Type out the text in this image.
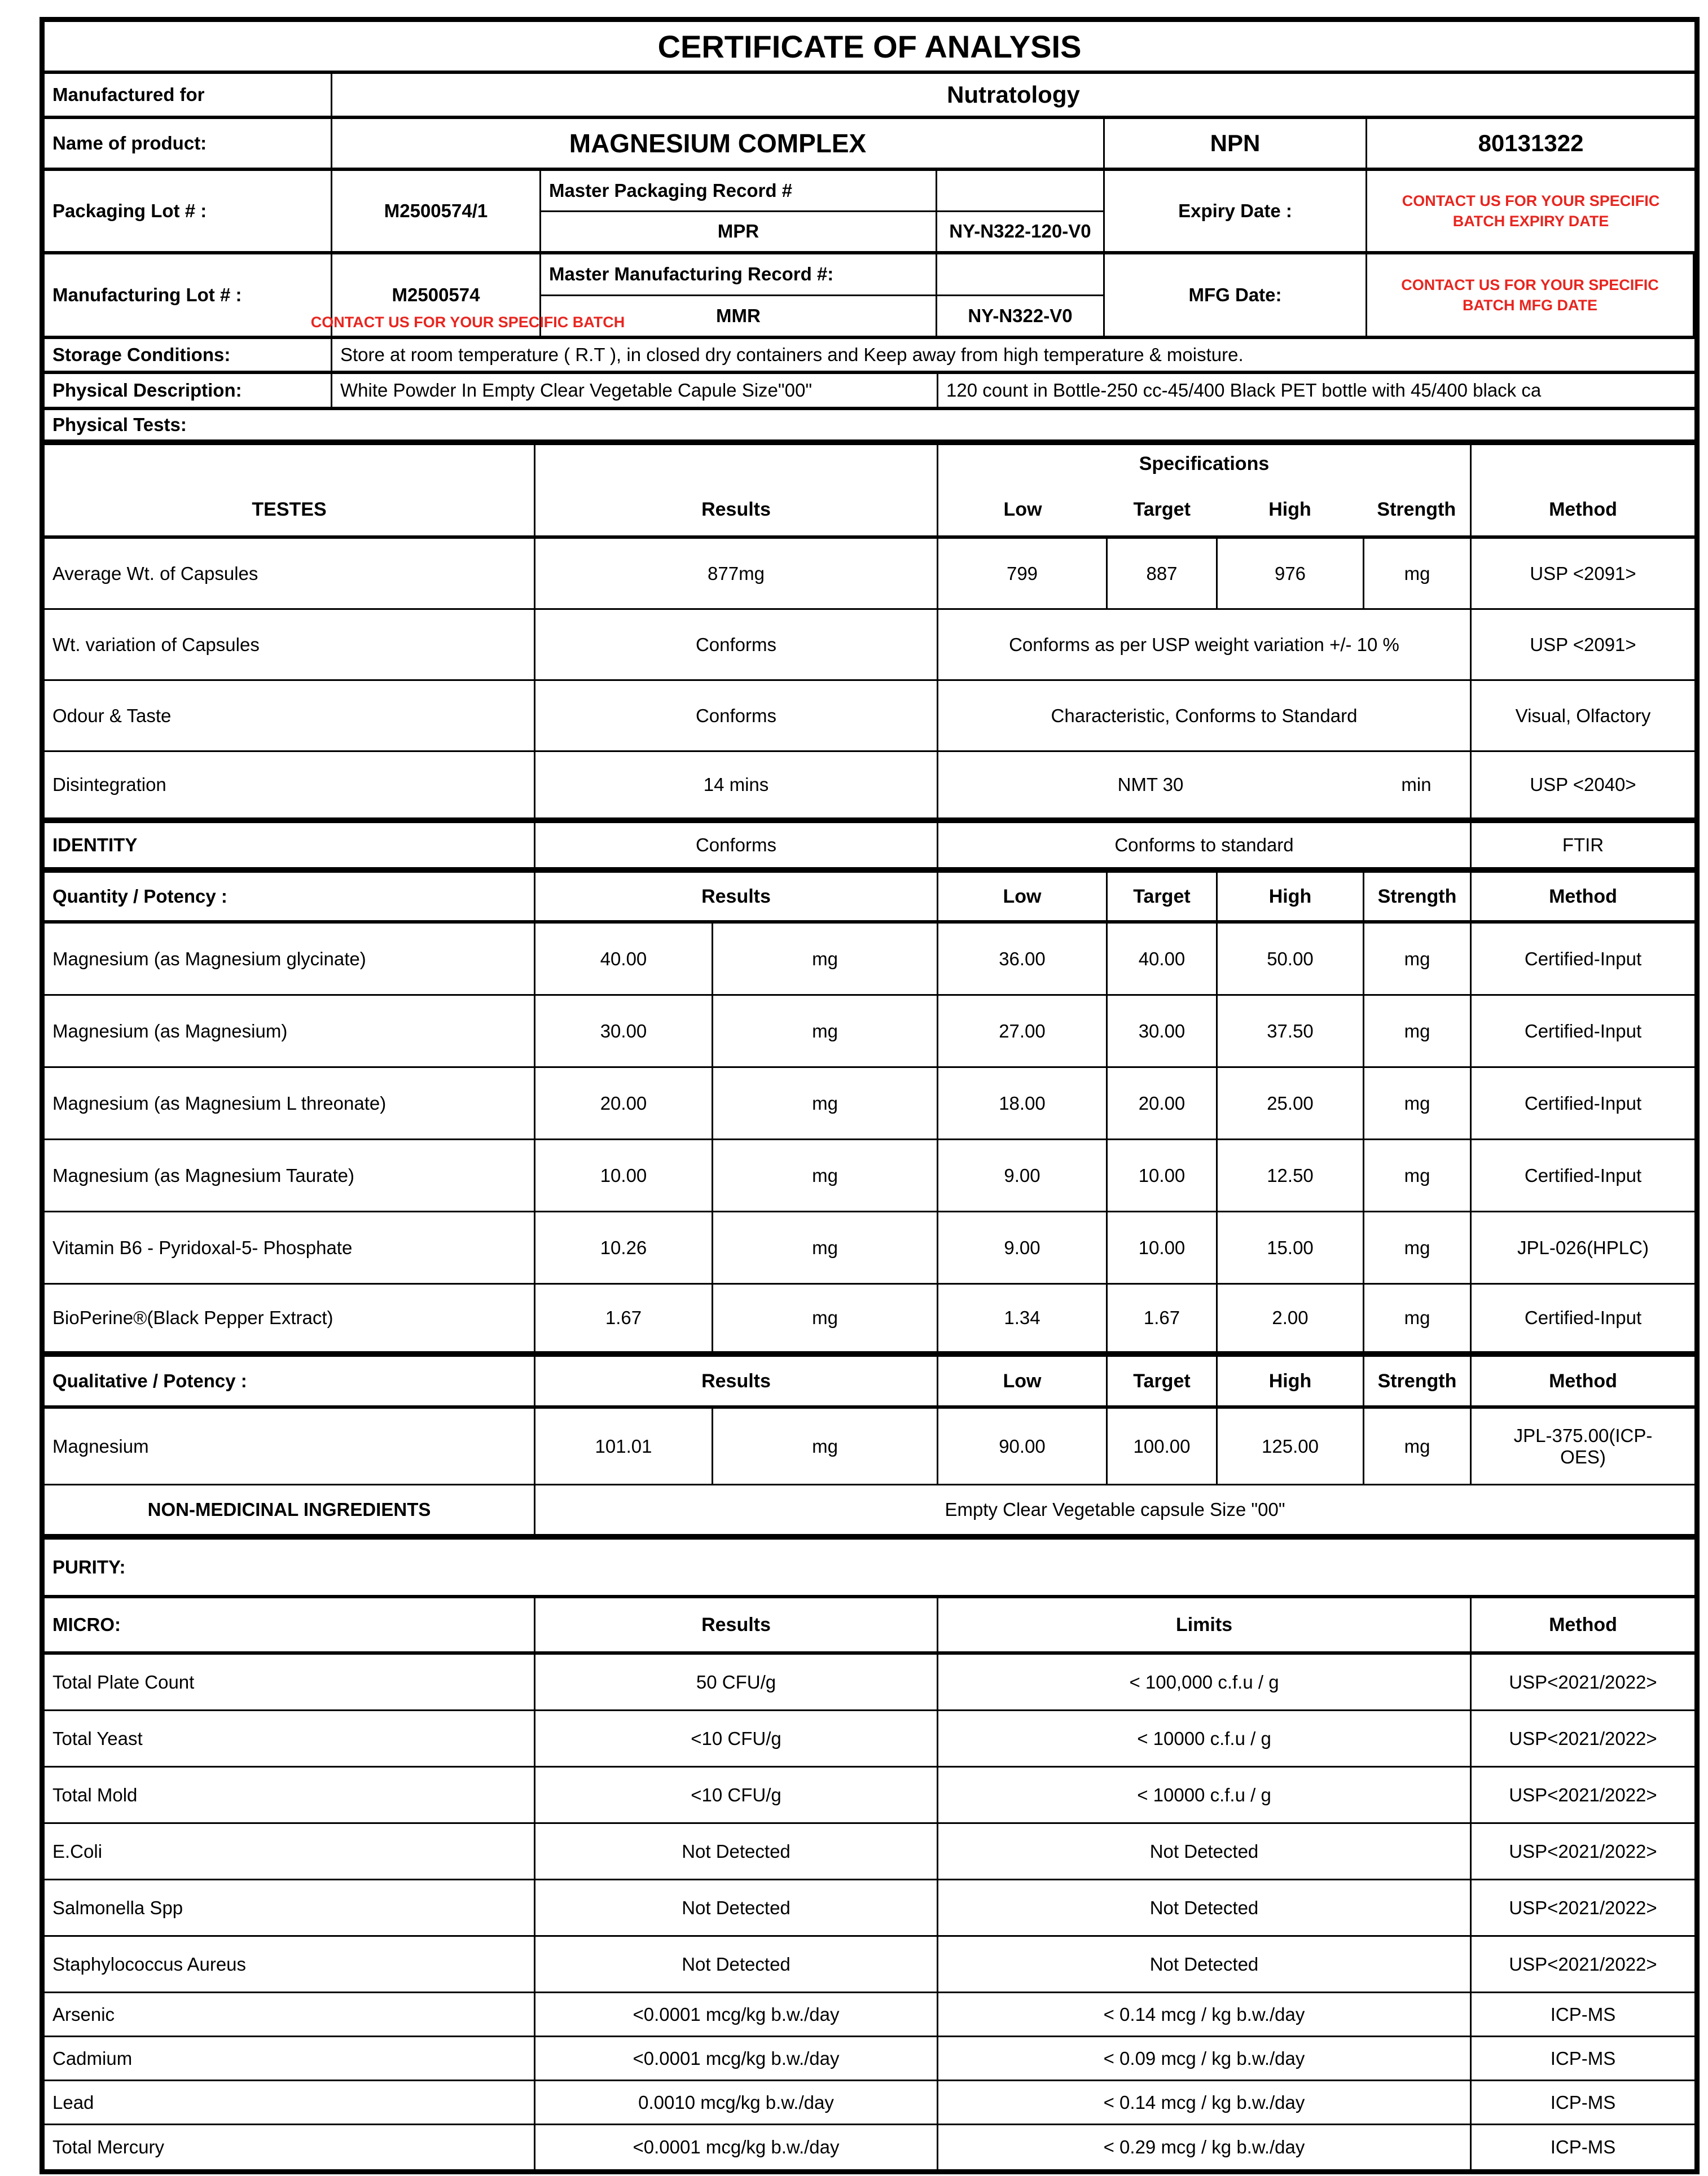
CERTIFICATE OF ANALYSIS
Manufactured for	Nutratology
Name of product:	MAGNESIUM COMPLEX	NPN	80131322
Packaging Lot # :	M2500574/1
Master Packaging Record #
MPR	NY-N322-120-V0
Expiry Date :	CONTACT US FOR YOUR SPECIFIC BATCH EXPIRY DATE
Manufacturing Lot # :	M2500574
Master Manufacturing Record #:
MMR	NY-N322-V0
MFG Date:	CONTACT US FOR YOUR SPECIFIC BATCH MFG DATE
CONTACT US FOR YOUR SPECIFIC BATCH
Storage Conditions:	Store at room temperature ( R.T ), in closed dry containers and Keep away from high temperature & moisture.
Physical Description:	White Powder In Empty Clear Vegetable Capule Size"00"	120 count in Bottle-250 cc-45/400 Black PET bottle with 45/400 black ca
Physical Tests:
TESTES	Results
Specifications
Low	Target	High	Strength	Method
Average Wt. of Capsules	877mg	799	887	976	mg	USP <2091>
Wt. variation of Capsules	Conforms	Conforms as per USP weight variation +/- 10 %	USP <2091>
Odour & Taste	Conforms	Characteristic, Conforms to Standard	Visual, Olfactory
Disintegration	14 mins	NMT 30	min	USP <2040>
IDENTITY	Conforms	Conforms to standard	FTIR
Quantity / Potency :	Results	Low	Target	High	Strength	Method
Magnesium (as Magnesium glycinate)	40.00	mg	36.00	40.00	50.00	mg	Certified-Input
Magnesium (as Magnesium)	30.00	mg	27.00	30.00	37.50	mg	Certified-Input
Magnesium (as Magnesium L threonate)	20.00	mg	18.00	20.00	25.00	mg	Certified-Input
Magnesium (as Magnesium Taurate)	10.00	mg	9.00	10.00	12.50	mg	Certified-Input
Vitamin B6 - Pyridoxal-5- Phosphate	10.26	mg	9.00	10.00	15.00	mg	JPL-026(HPLC)
BioPerine®(Black Pepper Extract)	1.67	mg	1.34	1.67	2.00	mg	Certified-Input
Qualitative / Potency :	Results	Low	Target	High	Strength	Method
Magnesium	101.01	mg	90.00	100.00	125.00	mg
JPL-375.00(ICP-OES)
NON-MEDICINAL INGREDIENTS	Empty Clear Vegetable capsule Size "00"
PURITY:
MICRO:	Results	Limits	Method
Total Plate Count	50 CFU/g	< 100,000 c.f.u / g	USP<2021/2022>
Total Yeast	<10 CFU/g	< 10000 c.f.u / g	USP<2021/2022>
Total Mold	<10 CFU/g	< 10000 c.f.u / g	USP<2021/2022>
E.Coli	Not Detected	Not Detected	USP<2021/2022>
Salmonella Spp	Not Detected	Not Detected	USP<2021/2022>
Staphylococcus Aureus	Not Detected	Not Detected	USP<2021/2022>
Arsenic	<0.0001 mcg/kg b.w./day	< 0.14 mcg / kg b.w./day	ICP-MS
Cadmium	<0.0001 mcg/kg b.w./day	< 0.09 mcg / kg b.w./day	ICP-MS
Lead	0.0010 mcg/kg b.w./day	< 0.14 mcg / kg b.w./day	ICP-MS
Total Mercury	<0.0001 mcg/kg b.w./day	< 0.29 mcg / kg b.w./day	ICP-MS
